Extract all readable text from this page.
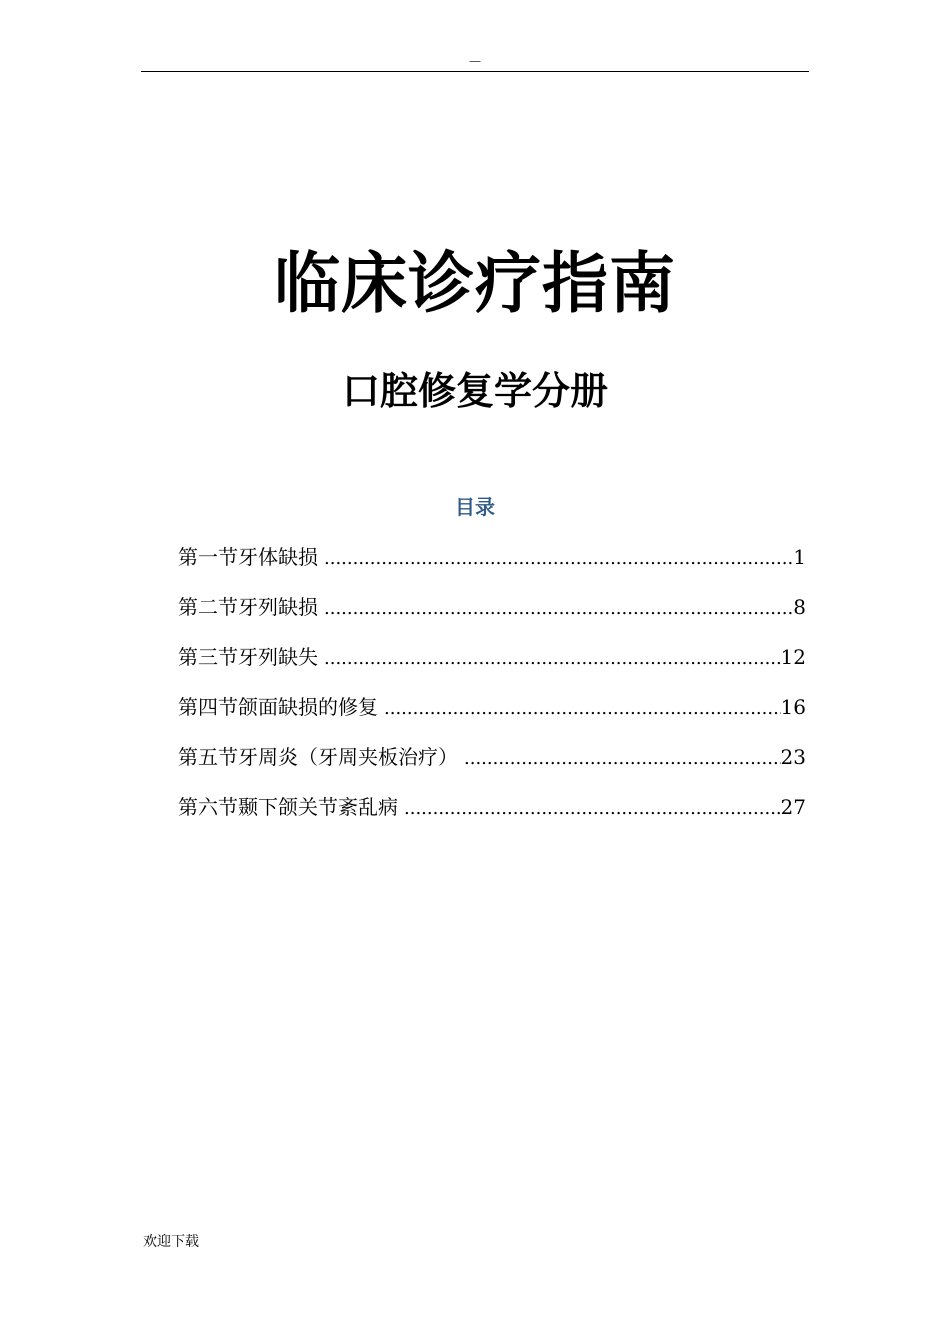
—
临床诊疗指南
口腔修复学分册
目录
第一节牙体缺损 .....	1
第二节牙列缺损 .....	8
第三节牙列缺失 .....	12
第四节颌面缺损的修复 .....	16
第五节牙周炎（牙周夹板治疗） .....	23
第六节颞下颌关节紊乱病 .....	27
欢迎下载
